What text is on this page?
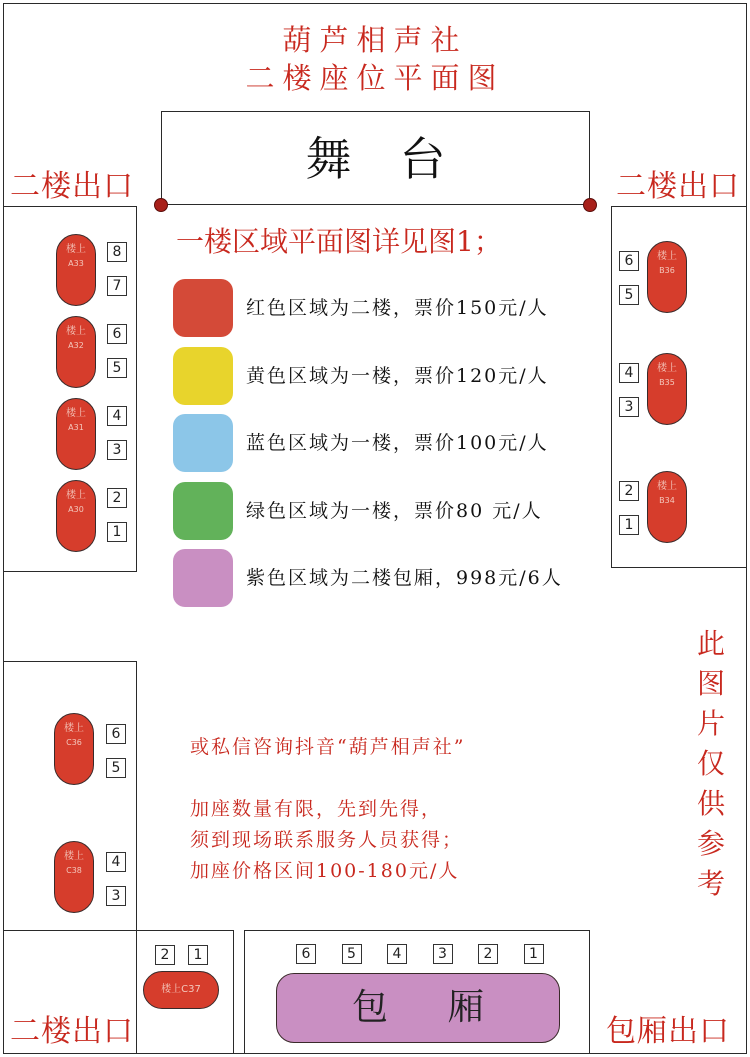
葫芦相声社
二楼座位平面图
舞台
二楼出口	二楼出口
二楼出口	包厢出口
楼上
A33
8
7
楼上
A32
6
5
楼上
A31
4
3
楼上
A30
2
1
6
5
楼上
B36
4
3
楼上
B35
2
1
楼上
B34
楼上
C36
6
5
楼上
C38
4
3
2	1
楼上C37
6	5	4	3	2	1
包厢
一楼区域平面图详见图1；
红色区域为二楼，票价150元/人
黄色区域为一楼，票价120元/人
蓝色区域为一楼，票价100元/人
绿色区域为一楼，票价80 元/人
紫色区域为二楼包厢，998元/6人
或私信咨询抖音“葫芦相声社”
加座数量有限，先到先得，
须到现场联系服务人员获得；
加座价格区间100-180元/人
此
图
片
仅
供
参
考
